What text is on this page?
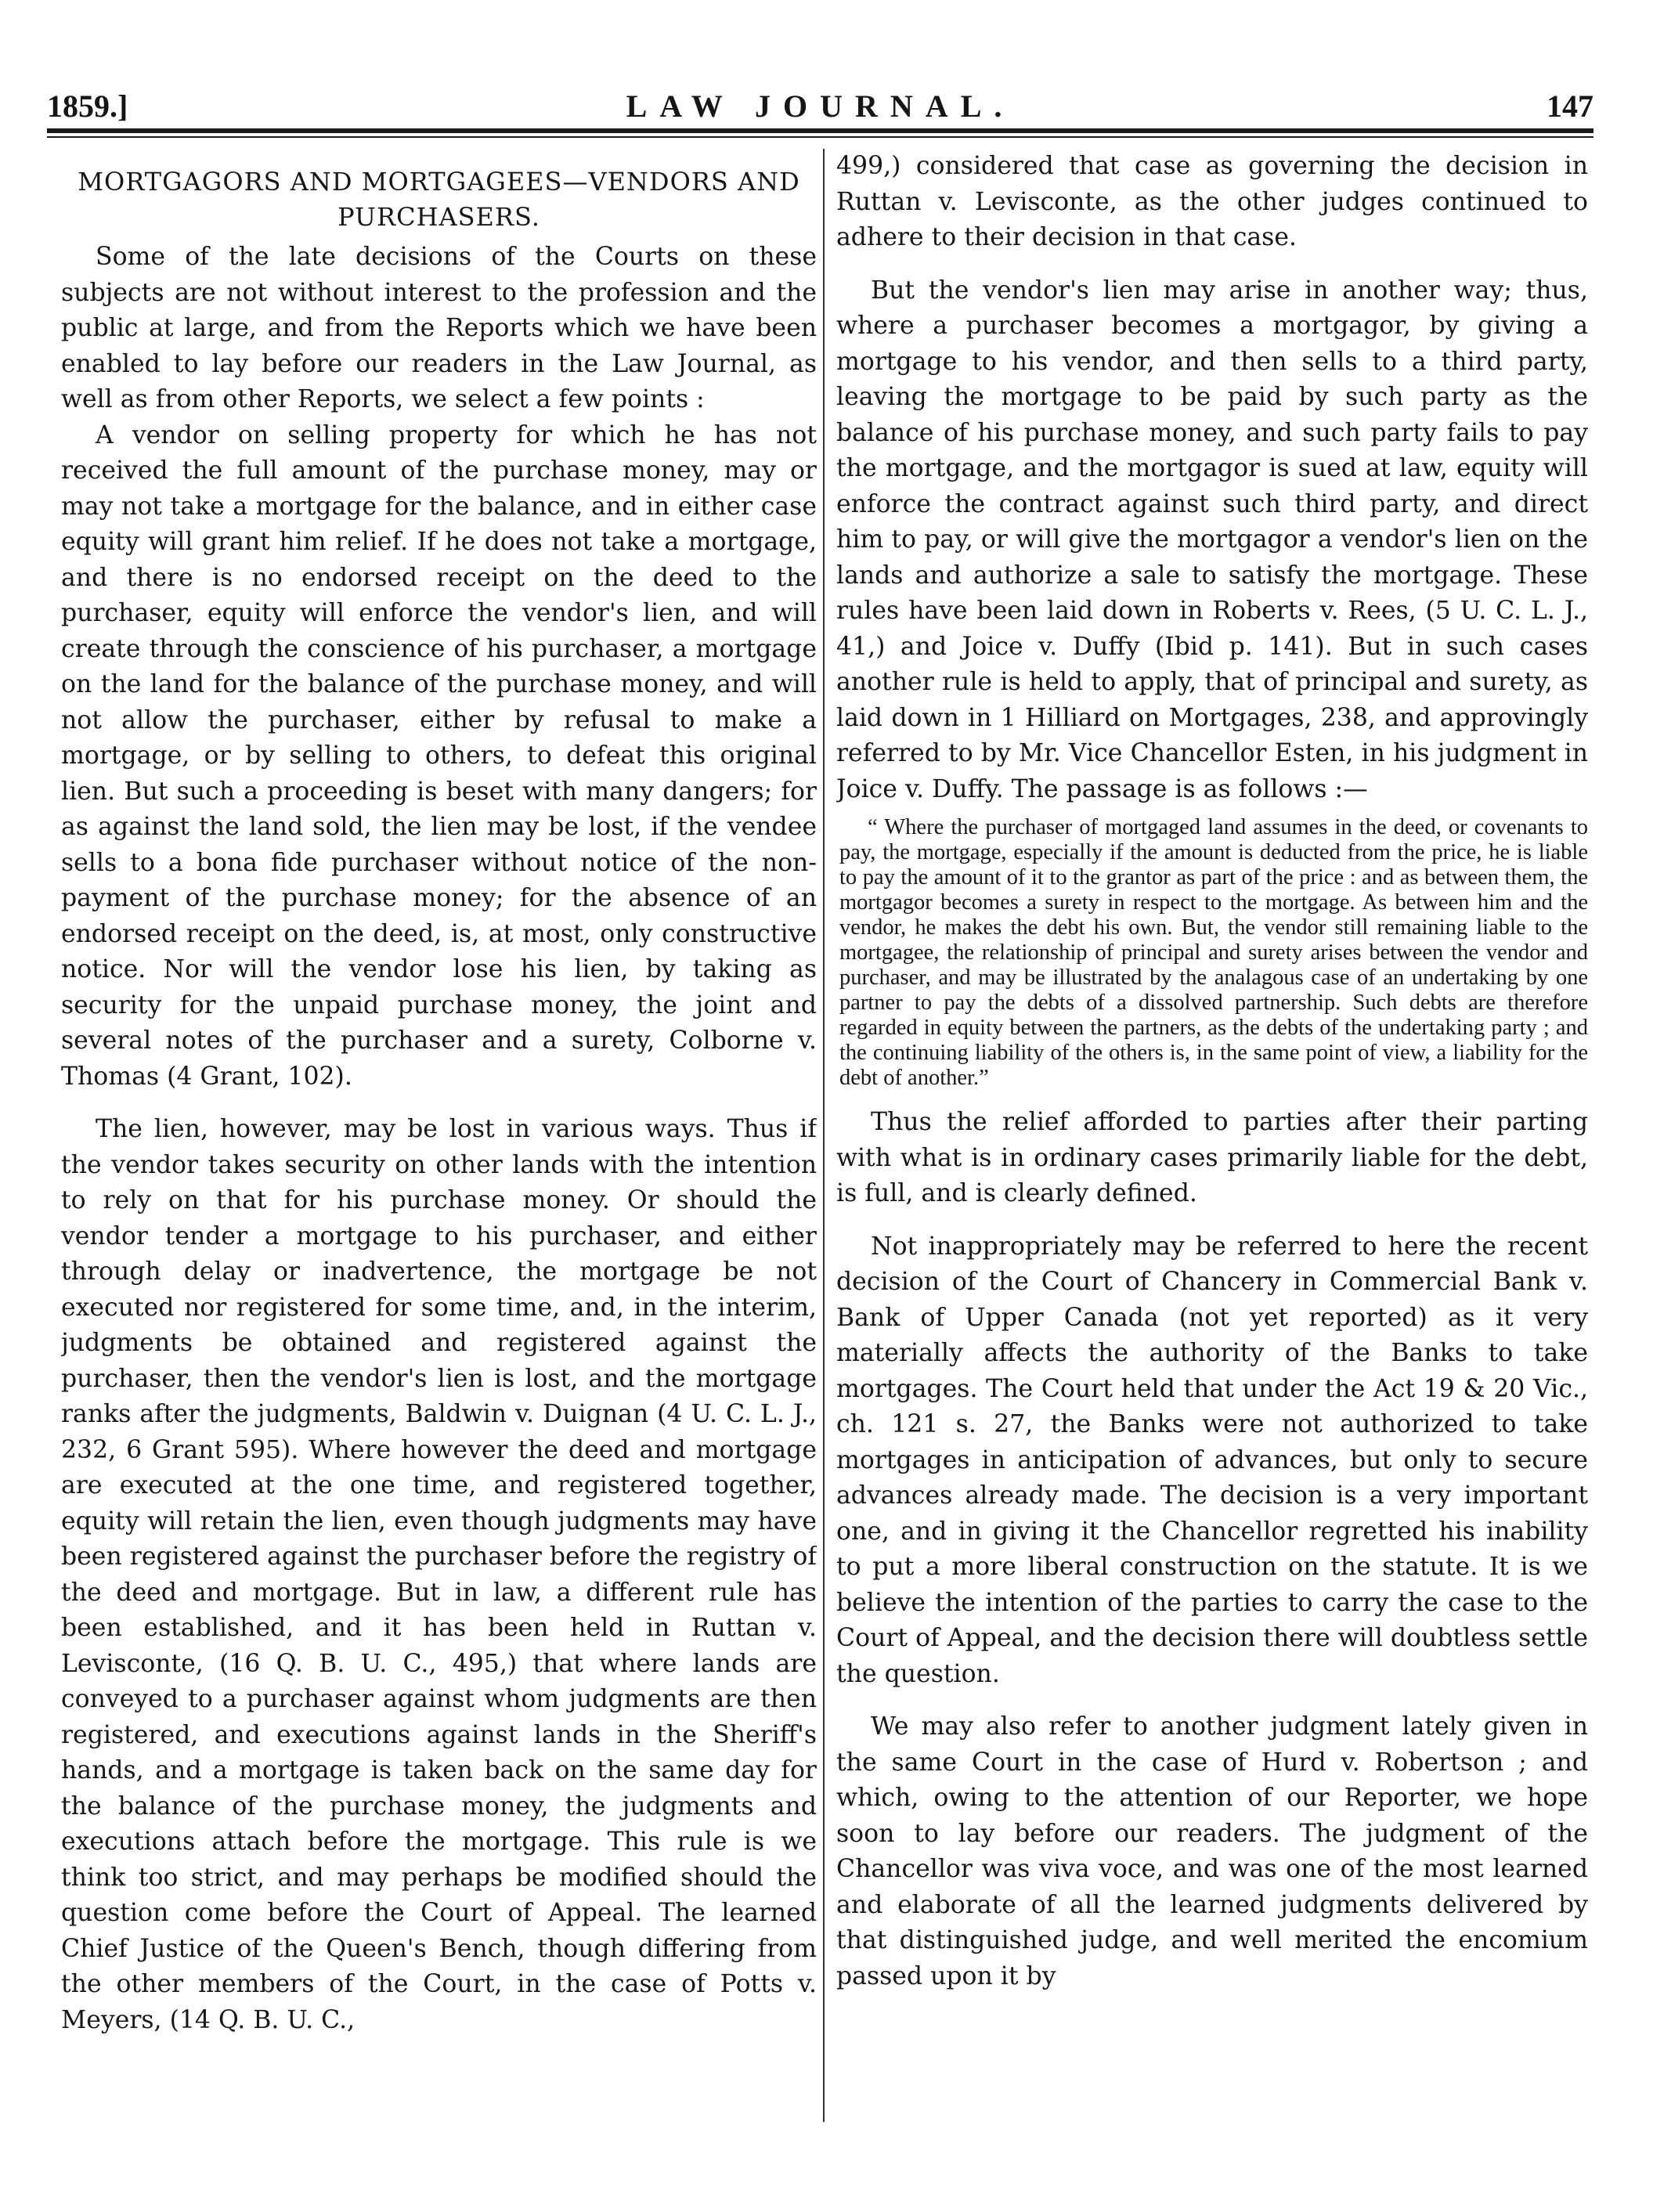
1859.]	LAW JOURNAL.	147
MORTGAGORS AND MORTGAGEES—VENDORS AND PURCHASERS.

Some of the late decisions of the Courts on these subjects are not without interest to the profession and the public at large, and from the Reports which we have been enabled to lay before our readers in the Law Journal, as well as from other Reports, we select a few points :

A vendor on selling property for which he has not received the full amount of the purchase money, may or may not take a mortgage for the balance, and in either case equity will grant him relief. If he does not take a mortgage, and there is no endorsed receipt on the deed to the purchaser, equity will enforce the vendor's lien, and will create through the conscience of his purchaser, a mortgage on the land for the balance of the purchase money, and will not allow the purchaser, either by refusal to make a mortgage, or by selling to others, to defeat this original lien. But such a proceeding is beset with many dangers; for as against the land sold, the lien may be lost, if the vendee sells to a bona fide purchaser without notice of the non-payment of the purchase money; for the absence of an endorsed receipt on the deed, is, at most, only constructive notice. Nor will the vendor lose his lien, by taking as security for the unpaid purchase money, the joint and several notes of the purchaser and a surety, Colborne v. Thomas (4 Grant, 102).

The lien, however, may be lost in various ways. Thus if the vendor takes security on other lands with the intention to rely on that for his purchase money. Or should the vendor tender a mortgage to his purchaser, and either through delay or inadvertence, the mortgage be not executed nor registered for some time, and, in the interim, judgments be obtained and registered against the purchaser, then the vendor's lien is lost, and the mortgage ranks after the judgments, Baldwin v. Duignan (4 U. C. L. J., 232, 6 Grant 595). Where however the deed and mortgage are executed at the one time, and registered together, equity will retain the lien, even though judgments may have been registered against the purchaser before the registry of the deed and mortgage. But in law, a different rule has been established, and it has been held in Ruttan v. Levisconte, (16 Q. B. U. C., 495,) that where lands are conveyed to a purchaser against whom judgments are then registered, and executions against lands in the Sheriff's hands, and a mortgage is taken back on the same day for the balance of the purchase money, the judgments and executions attach before the mortgage. This rule is we think too strict, and may perhaps be modified should the question come before the Court of Appeal. The learned Chief Justice of the Queen's Bench, though differing from the other members of the Court, in the case of Potts v. Meyers, (14 Q. B. U. C.,

499,) considered that case as governing the decision in Ruttan v. Levisconte, as the other judges continued to adhere to their decision in that case.

But the vendor's lien may arise in another way; thus, where a purchaser becomes a mortgagor, by giving a mortgage to his vendor, and then sells to a third party, leaving the mortgage to be paid by such party as the balance of his purchase money, and such party fails to pay the mortgage, and the mortgagor is sued at law, equity will enforce the contract against such third party, and direct him to pay, or will give the mortgagor a vendor's lien on the lands and authorize a sale to satisfy the mortgage. These rules have been laid down in Roberts v. Rees, (5 U. C. L. J., 41,) and Joice v. Duffy (Ibid p. 141). But in such cases another rule is held to apply, that of principal and surety, as laid down in 1 Hilliard on Mortgages, 238, and approvingly referred to by Mr. Vice Chancellor Esten, in his judgment in Joice v. Duffy. The passage is as follows :—

“ Where the purchaser of mortgaged land assumes in the deed, or covenants to pay, the mortgage, especially if the amount is deducted from the price, he is liable to pay the amount of it to the grantor as part of the price : and as between them, the mortgagor becomes a surety in respect to the mortgage. As between him and the vendor, he makes the debt his own. But, the vendor still remaining liable to the mortgagee, the relationship of principal and surety arises between the vendor and purchaser, and may be illustrated by the analagous case of an undertaking by one partner to pay the debts of a dissolved partnership. Such debts are therefore regarded in equity between the partners, as the debts of the undertaking party ; and the continuing liability of the others is, in the same point of view, a liability for the debt of another.”

Thus the relief afforded to parties after their parting with what is in ordinary cases primarily liable for the debt, is full, and is clearly defined.

Not inappropriately may be referred to here the recent decision of the Court of Chancery in Commercial Bank v. Bank of Upper Canada (not yet reported) as it very materially affects the authority of the Banks to take mortgages. The Court held that under the Act 19 & 20 Vic., ch. 121 s. 27, the Banks were not authorized to take mortgages in anticipation of advances, but only to secure advances already made. The decision is a very important one, and in giving it the Chancellor regretted his inability to put a more liberal construction on the statute. It is we believe the intention of the parties to carry the case to the Court of Appeal, and the decision there will doubtless settle the question.

We may also refer to another judgment lately given in the same Court in the case of Hurd v. Robertson ; and which, owing to the attention of our Reporter, we hope soon to lay before our readers. The judgment of the Chancellor was viva voce, and was one of the most learned and elaborate of all the learned judgments delivered by that distinguished judge, and well merited the encomium passed upon it by
